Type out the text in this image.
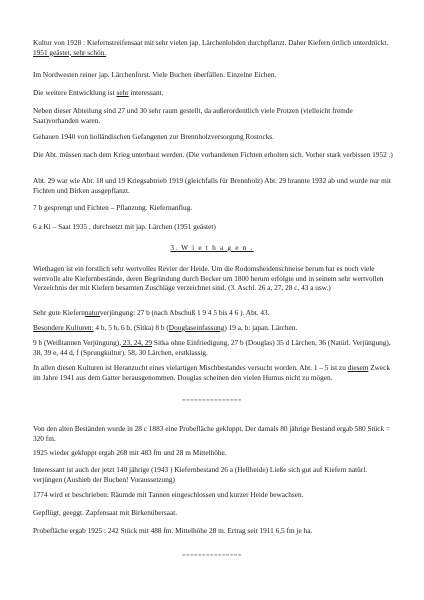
Kultur von 1928 : Kiefernstreifensaat mit sehr vielen jap. Lärchenlohden durchpflanzt. Daher Kiefern örtlich unterdrückt. 1951 geästet, sehr schön.

Im Nordwesten reiner jap. Lärchenforst. Viele Buchen überfällen. Einzelne Eichen.

Die weitere Entwicklung ist sehr interessant.

Neben dieser Abteilung sind 27 und 30 sehr raum gestellt, da außerordentlich viele Protzen (vielleicht fremde Saat)vorhanden waren.

Gehauen 1940 von holländischen Gefangenen zur Brennholzversorgung Rostocks.

Die Abt. müssen nach dem Krieg unterbaut werden. (Die vorhandenen Fichten erholten sich. Vorher stark verbissen 1952 .)

Abt. 29 war wie Abt. 18 und 19 Kriegsabtrieb 1919 (gleichfalls für Brennholz) Abt. 29 brannte 1932 ab und wurde nur mit Fichten und Birken ausgepflanzt.

7 b gesprengt und Fichten – Pflanzung. Kiefernanflug.

6 a Ki – Saat 1935 , durchsetzt mit jap. Lärchen (1951 geästet)

3. W i e t h a g e n .

Wiethagen ist ein forstlich sehr wertvolles Revier der Heide. Um die Rodomsheidenschneise herum hat es noch viele wertvolle alte Kiefernbestände, deren Begründung durch Becker um 1800 herum erfolgte und in seinem sehr wertvollen Verzeichnis der mit Kiefern besamten Zuschläge verzeichnet sind. (3. Aschl. 26 a, 27, 28 c, 43 a usw.)

Sehr gute Kiefernnaturverjüngung: 27 b (nach Abschuß 1 9 4 5 bis 4 6 ). Abt. 43.

Besondere Kulturen: 4 b, 5 b, 6 b, (Sitka) 8 b (Douglaseinfassung) 19 a, b: japan. Lärchen.

9 b (Weißtannen Verjüngung), 23, 24, 29 Sitka ohne Einfriedigung, 27 b (Douglas) 35 d Lärchen, 36 (Natürl. Verjüngung), 38, 39 e, 44 d, f (Sprungkultur). 58, 30 Lärchen, erstklassig.

In allen diesen Kulturen ist Heranzucht eines vielartigen Mischbestandes versucht worden. Abt. 1 – 5 ist zu diesem Zweck im Jahre 1941 aus dem Gatter herausgenommen. Douglas scheinen den vielen Humus nicht zu mögen.

===============

Von den alten Beständen wurde in 28 c 1883 eine Probefläche gekluppt. Der damals 80 jährige Bestand ergab 580 Stück = 320 fm.

1925 wieder gekluppt ergab 268 mit 483 fm und 28 m Mittelhöhe.

Interessant ist auch der jetzt 140 jährige (1943 ) Kiefernbestand 26 a (Hellheide) Ließe sich gut auf Kiefern natürl. verjüngen (Aushieb der Buchen! Voraussetzung)

1774 wird er beschrieben: Räumde mit Tannen eingeschlossen und kurzer Heide bewachsen.

Gepflügt, geeggt. Zapfensaat mit Birkenübersaat.

Probefläche ergab 1925 : 242 Stück mit 488 fm. Mittelhöhe 28 m. Ertrag seit 1911 6,5 fm je ha.

===============
